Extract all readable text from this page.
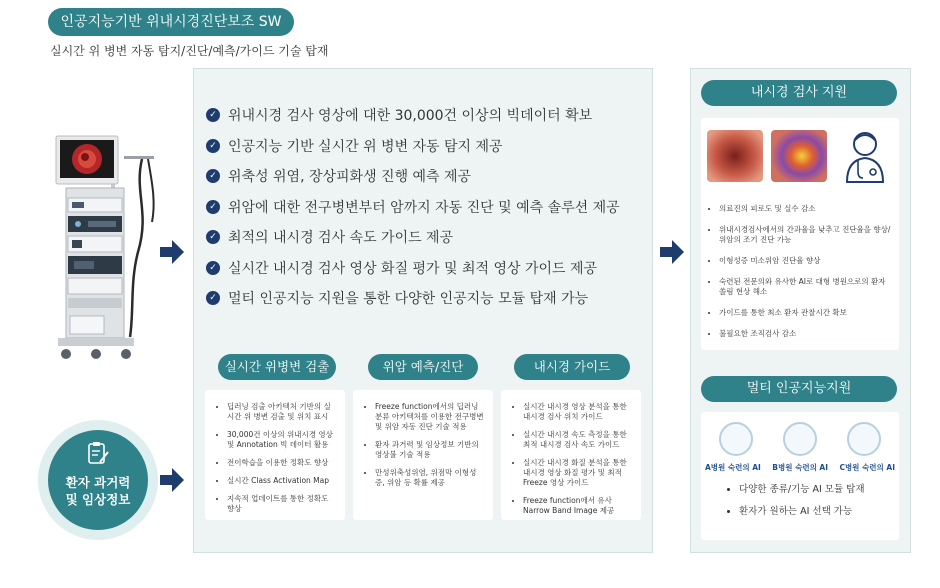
인공지능기반 위내시경진단보조 SW
실시간 위 병변 자동 탐지/진단/예측/가이드 기술 탑재
환자 과거력
및 임상정보
✓ 위내시경 검사 영상에 대한 30,000건 이상의 빅데이터 확보
✓ 인공지능 기반 실시간 위 병변 자동 탐지 제공
✓ 위축성 위염, 장상피화생 진행 예측 제공
✓ 위암에 대한 전구병변부터 암까지 자동 진단 및 예측 솔루션 제공
✓ 최적의 내시경 검사 속도 가이드 제공
✓ 실시간 내시경 검사 영상 화질 평가 및 최적 영상 가이드 제공
✓ 멀티 인공지능 지원을 통한 다양한 인공지능 모듈 탑재 가능
실시간 위병변 검출	위암 예측/진단	내시경 가이드
• 딥러닝 검출 아키텍처 기반의 실시간 위 병변 검출 및 위치 표시
• 30,000건 이상의 위내시경 영상 및 Annotation 빅 데이터 활용
• 전이학습을 이용한 정확도 향상
• 실시간 Class Activation Map
• 지속적 업데이트를 통한 정확도 향상
• Freeze function에서의 딥러닝 분류 아키텍처를 이용한 전구병변 및 위암 자동 진단 기술 적용
• 환자 과거력 및 임상정보 기반의 영상불 기술 적용
• 만성위축성위염, 위점막 이형성증, 위암 등 확률 제공
• 실시간 내시경 영상 분석을 통한 내시경 검사 위치 가이드
• 실시간 내시경 속도 측정을 통한 최적 내시경 검사 속도 가이드
• 실시간 내시경 화질 분석을 통한 내시경 영상 화질 평가 및 최적 Freeze 영상 가이드
• Freeze function에서 유사 Narrow Band Image 제공
내시경 검사 지원
• 의료진의 피로도 및 실수 감소
• 위내시경검사에서의 간과율을 낮추고 진단율을 향상/위암의 조기 진단 가능
• 이형성증 미소위암 진단율 향상
• 숙련된 전문의와 유사한 AI로 대형 병원으로의 환자 쏠림 현상 해소
• 가이드를 통한 최소 환자 관찰시간 확보
• 불필요한 조직검사 감소
멀티 인공지능지원
A병원 숙련의 AI B병원 숙련의 AI C병원 숙련의 AI
• 다양한 종류/기능 AI 모듈 탑재
• 환자가 원하는 AI 선택 가능
